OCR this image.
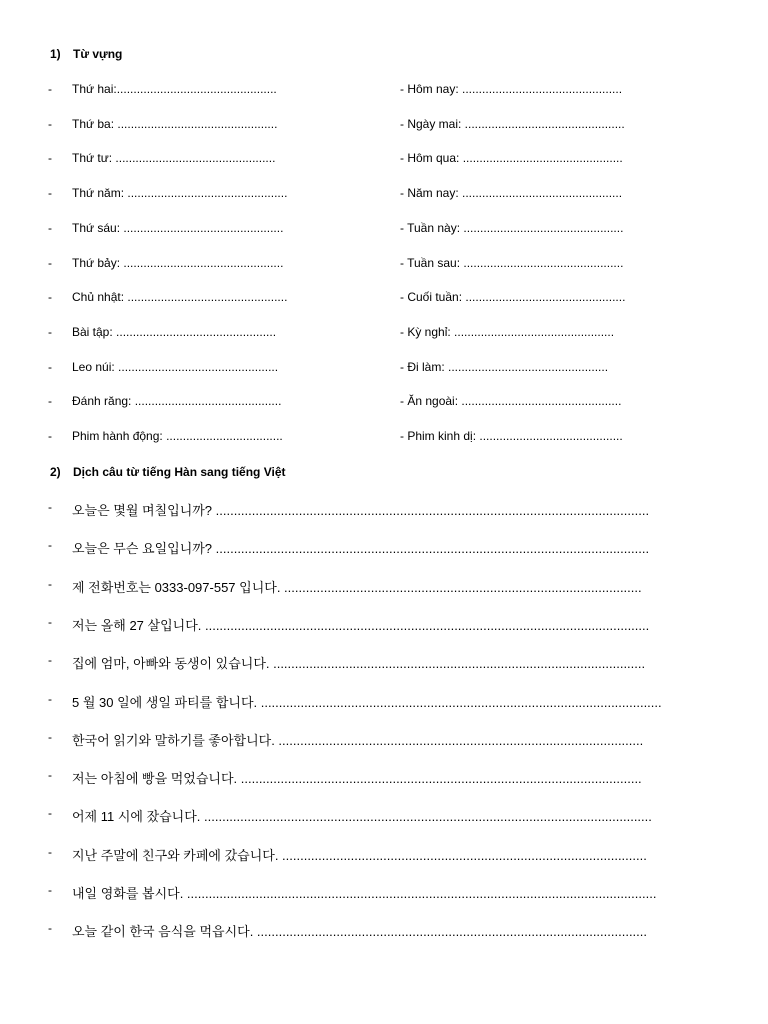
1) Từ vựng
- Thứ hai:................................................	- Hôm nay: ................................................
- Thứ ba: ................................................	- Ngày mai: ................................................
- Thứ tư: ................................................	- Hôm qua: ................................................
- Thứ năm: ................................................	- Năm nay: ................................................
- Thứ sáu: ................................................	- Tuần này: ................................................
- Thứ bảy: ................................................	- Tuần sau: ................................................
- Chủ nhật: ................................................	- Cuối tuần: ................................................
- Bài tập: ................................................	- Kỳ nghỉ: ................................................
- Leo núi: ................................................	- Đi làm: ................................................
- Đánh răng: ............................................	- Ăn ngoài: ................................................
- Phim hành động: ...................................	- Phim kinh dị: ...........................................
2) Dịch câu từ tiếng Hàn sang tiếng Việt
- 오늘은 몇월 며칠입니까? ........................................................................................................................
- 오늘은 무슨 요일입니까? ........................................................................................................................
- 제 전화번호는 0333-097-557 입니다. ...................................................................................................
- 저는 올해 27 살입니다. ...........................................................................................................................
- 집에 엄마, 아빠와 동생이 있습니다. .......................................................................................................
- 5 월 30 일에 생일 파티를 합니다. ...............................................................................................................
- 한국어 읽기와 말하기를 좋아합니다. .....................................................................................................
- 저는 아침에 빵을 먹었습니다. ...............................................................................................................
- 어제 11 시에 잤습니다. ............................................................................................................................
- 지난 주말에 친구와 카페에 갔습니다. .....................................................................................................
- 내일 영화를 봅시다. ..................................................................................................................................
- 오늘 같이 한국 음식을 먹읍시다. ............................................................................................................
